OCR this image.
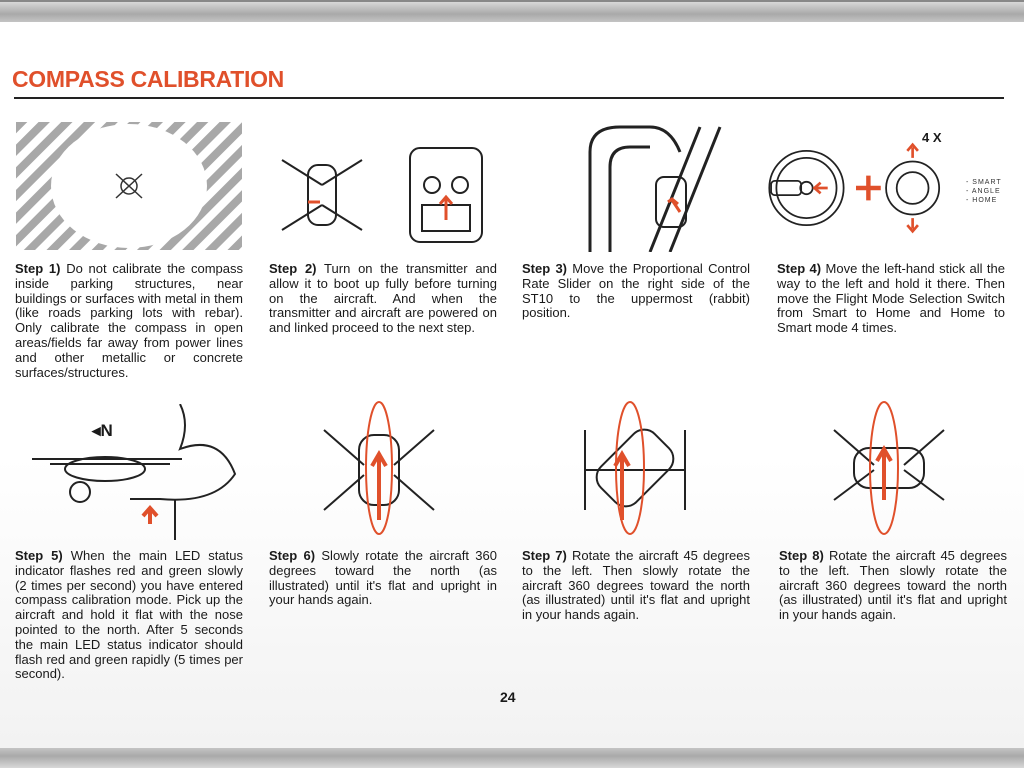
COMPASS CALIBRATION
4 X
- SMART
- ANGLE
- HOME
◂N
Step 1) Do not calibrate the compass inside parking structures, near buildings or surfaces with metal in them (like roads parking lots with rebar). Only calibrate the compass in open areas/fields far away from power lines and other metallic or concrete surfaces/structures.
Step 2) Turn on the transmitter and allow it to boot up fully before turning on the aircraft. And when the transmitter and aircraft are powered on and linked proceed to the next step.
Step 3) Move the Proportional Control Rate Slider on the right side of the ST10 to the uppermost (rabbit) position.
Step 4) Move the left-hand stick all the way to the left and hold it there. Then move the Flight Mode Selection Switch from Smart to Home and Home to Smart mode 4 times.
Step 5) When the main LED status indicator flashes red and green slowly (2 times per second) you have entered compass calibration mode. Pick up the aircraft and hold it flat with the nose pointed to the north. After 5 seconds the main LED status indicator should flash red and green rapidly (5 times per second).
Step 6) Slowly rotate the aircraft 360 degrees toward the north (as illustrated) until it's flat and upright in your hands again.
Step 7) Rotate the aircraft 45 degrees to the left. Then slowly rotate the aircraft 360 degrees toward the north (as illustrated) until it's flat and upright in your hands again.
Step 8) Rotate the aircraft 45 degrees to the left. Then slowly rotate the aircraft 360 degrees toward the north (as illustrated) until it's flat and upright in your hands again.
24
